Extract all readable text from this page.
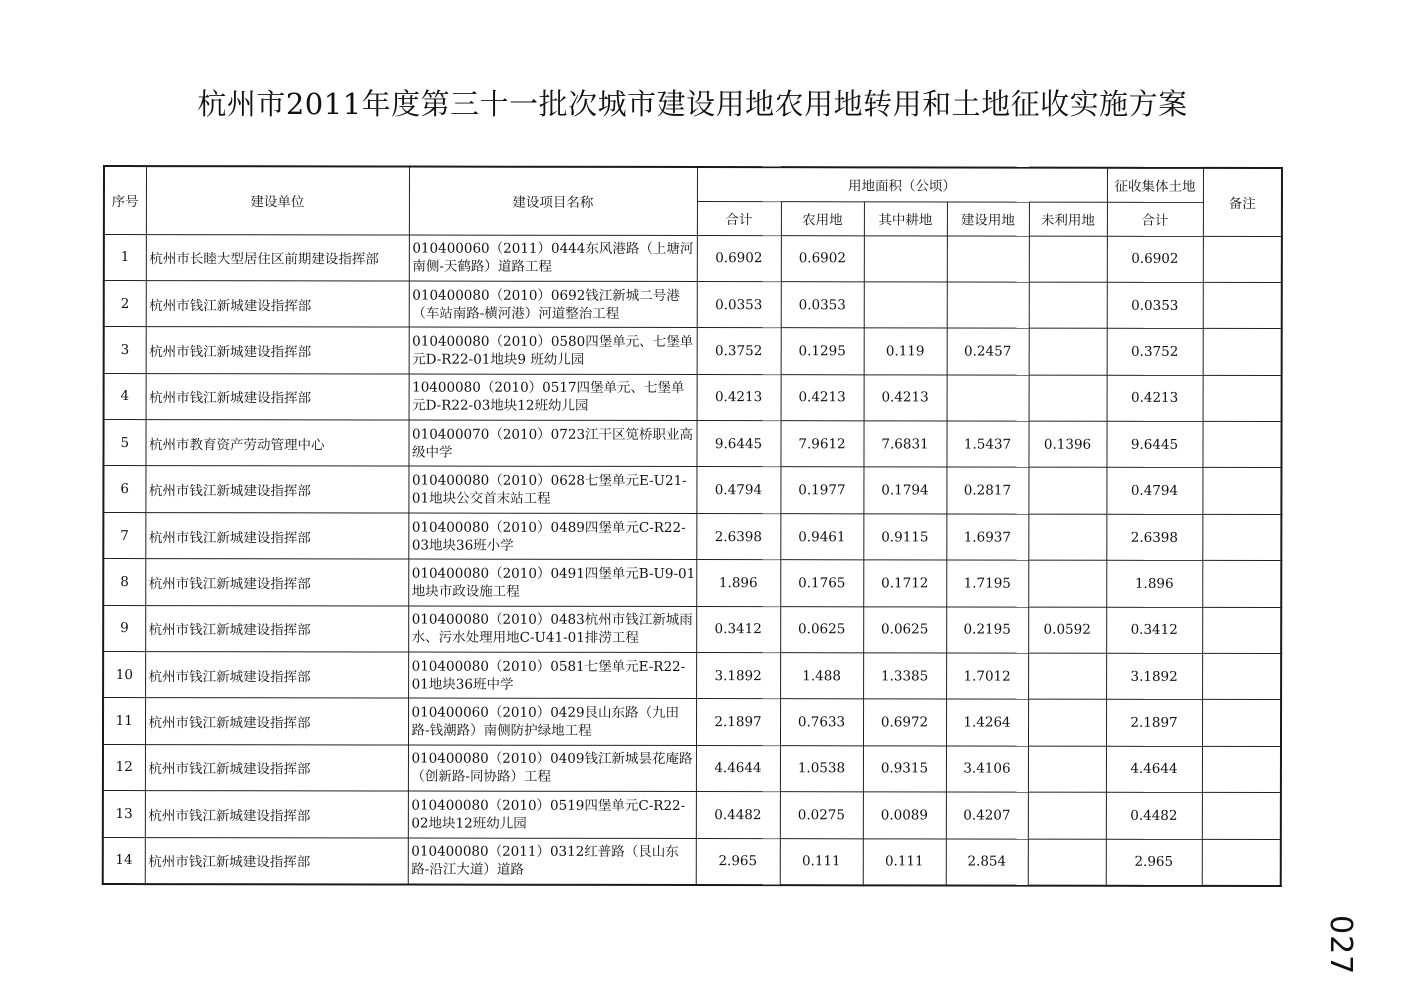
杭州市2011年度第三十一批次城市建设用地农用地转用和土地征收实施方案
序号	建设单位	建设项目名称	用地面积（公顷）					征收集体土地	备注
			合计	农用地	其中耕地	建设用地	未利用地	合计	
1	杭州市长睦大型居住区前期建设指挥部	010400060（2011）0444东风港路（上塘河南侧-天鹤路）道路工程	0.6902	0.6902				0.6902	
2	杭州市钱江新城建设指挥部	010400080（2010）0692钱江新城二号港（车站南路-横河港）河道整治工程	0.0353	0.0353				0.0353	
3	杭州市钱江新城建设指挥部	010400080（2010）0580四堡单元、七堡单元D-R22-01地块9 班幼儿园	0.3752	0.1295	0.119	0.2457		0.3752	
4	杭州市钱江新城建设指挥部	10400080（2010）0517四堡单元、七堡单元D-R22-03地块12班幼儿园	0.4213	0.4213	0.4213			0.4213	
5	杭州市教育资产劳动管理中心	010400070（2010）0723江干区笕桥职业高级中学	9.6445	7.9612	7.6831	1.5437	0.1396	9.6445	
6	杭州市钱江新城建设指挥部	010400080（2010）0628七堡单元E-U21-01地块公交首末站工程	0.4794	0.1977	0.1794	0.2817		0.4794	
7	杭州市钱江新城建设指挥部	010400080（2010）0489四堡单元C-R22-03地块36班小学	2.6398	0.9461	0.9115	1.6937		2.6398	
8	杭州市钱江新城建设指挥部	010400080（2010）0491四堡单元B-U9-01地块市政设施工程	1.896	0.1765	0.1712	1.7195		1.896	
9	杭州市钱江新城建设指挥部	010400080（2010）0483杭州市钱江新城雨水、污水处理用地C-U41-01排涝工程	0.3412	0.0625	0.0625	0.2195	0.0592	0.3412	
10	杭州市钱江新城建设指挥部	010400080（2010）0581七堡单元E-R22-01地块36班中学	3.1892	1.488	1.3385	1.7012		3.1892	
11	杭州市钱江新城建设指挥部	010400060（2010）0429艮山东路（九田路-钱潮路）南侧防护绿地工程	2.1897	0.7633	0.6972	1.4264		2.1897	
12	杭州市钱江新城建设指挥部	010400080（2010）0409钱江新城昙花庵路（创新路-同协路）工程	4.4644	1.0538	0.9315	3.4106		4.4644	
13	杭州市钱江新城建设指挥部	010400080（2010）0519四堡单元C-R22-02地块12班幼儿园	0.4482	0.0275	0.0089	0.4207		0.4482	
14	杭州市钱江新城建设指挥部	010400080（2011）0312红普路（艮山东路-沿江大道）道路	2.965	0.111	0.111	2.854		2.965	
027
